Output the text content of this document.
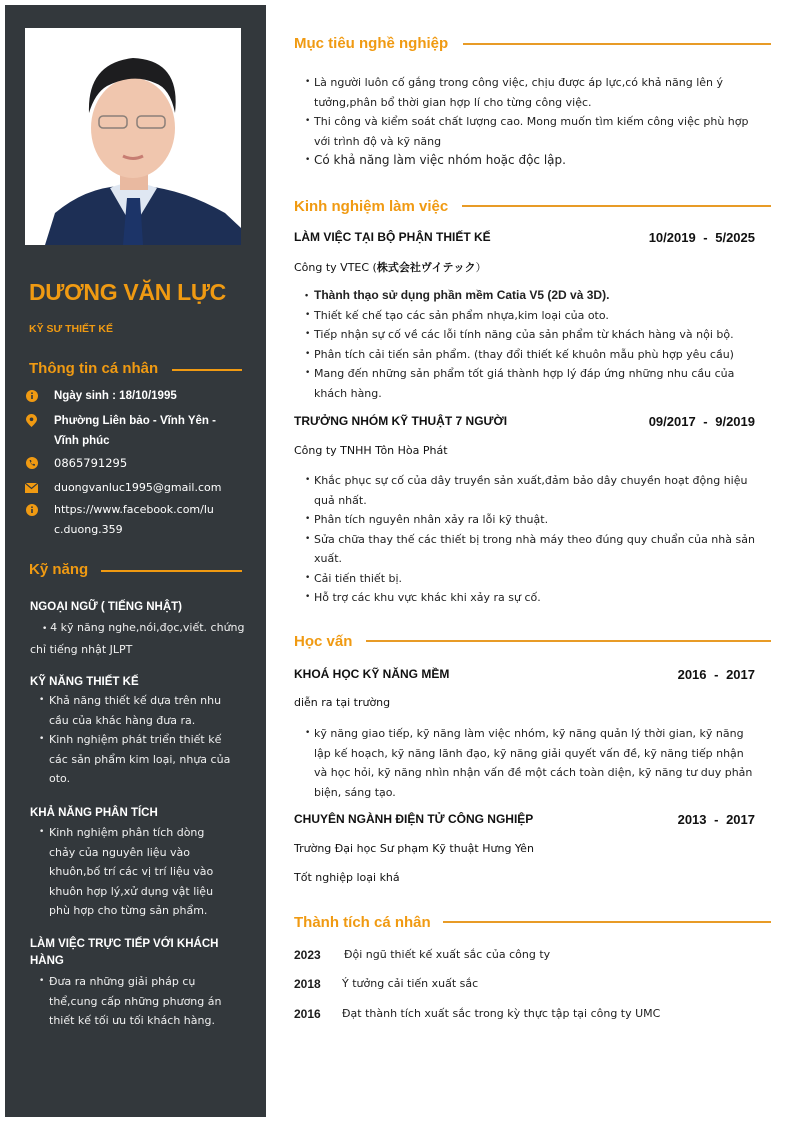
DƯƠNG VĂN LỰC
KỸ SƯ THIẾT KẾ
Thông tin cá nhân
Ngày sinh : 18/10/1995
Phường Liên bảo - Vĩnh Yên - Vĩnh phúc
0865791295
duongvanluc1995@gmail.com
https://www.facebook.com/luc.duong.359
Kỹ năng
NGOẠI NGỮ ( TIẾNG NHẬT)
• 4 kỹ năng nghe,nói,đọc,viết. chứng chỉ tiếng nhật JLPT
KỸ NĂNG THIẾT KẾ
• Khả năng thiết kế dựa trên nhu cầu của khác hàng đưa ra.
• Kinh nghiệm phát triển thiết kế các sản phẩm kim loại, nhựa của oto.
KHẢ NĂNG PHÂN TÍCH
• Kinh nghiệm phân tích dòng chảy của nguyên liệu vào khuôn,bố trí các vị trí liệu vào khuôn hợp lý,xử dụng vật liệu phù hợp cho từng sản phẩm.
LÀM VIỆC TRỰC TIẾP VỚI KHÁCH HÀNG
• Đưa ra những giải pháp cụ thể,cung cấp những phương án thiết kế tối ưu tối khách hàng.
Mục tiêu nghề nghiệp
• Là người luôn cố gắng trong công việc, chịu được áp lực,có khả năng lên ý tưởng,phân bổ thời gian hợp lí cho từng công việc.
• Thi công và kiểm soát chất lượng cao. Mong muốn tìm kiếm công việc phù hợp với trình độ và kỹ năng
• Có khả năng làm việc nhóm hoặc độc lập.
Kinh nghiệm làm việc
LÀM VIỆC TẠI BỘ PHẬN THIẾT KẾ	10/2019 - 5/2025
Công ty VTEC (株式会社ヴイテック）
• Thành thạo sử dụng phần mềm Catia V5 (2D và 3D).
• Thiết kế chế tạo các sản phẩm nhựa,kim loại của oto.
• Tiếp nhận sự cố về các lỗi tính năng của sản phẩm từ khách hàng và nội bộ.
• Phân tích cải tiến sản phẩm. (thay đổi thiết kế khuôn mẫu phù hợp yêu cầu)
• Mang đến những sản phẩm tốt giá thành hợp lý đáp ứng những nhu cầu của khách hàng.
TRƯỞNG NHÓM KỸ THUẬT 7 NGƯỜI	09/2017 - 9/2019
Công ty TNHH Tôn Hòa Phát
• Khắc phục sự cố của dây truyền sản xuất,đảm bảo dây chuyền hoạt động hiệu quả nhất.
• Phân tích nguyên nhân xảy ra lỗi kỹ thuật.
• Sửa chữa thay thế các thiết bị trong nhà máy theo đúng quy chuẩn của nhà sản xuất.
• Cải tiến thiết bị.
• Hỗ trợ các khu vực khác khi xảy ra sự cố.
Học vấn
KHOÁ HỌC KỸ NĂNG MỀM	2016 - 2017
diễn ra tại trường
• kỹ năng giao tiếp, kỹ năng làm việc nhóm, kỹ năng quản lý thời gian, kỹ năng lập kế hoạch, kỹ năng lãnh đạo, kỹ năng giải quyết vấn đề, kỹ năng tiếp nhận và học hỏi, kỹ năng nhìn nhận vấn đề một cách toàn diện, kỹ năng tư duy phản biện, sáng tạo.
CHUYÊN NGÀNH ĐIỆN TỬ CÔNG NGHIỆP	2013 - 2017
Trường Đại học Sư phạm Kỹ thuật Hưng Yên
Tốt nghiệp loại khá
Thành tích cá nhân
2023	Đội ngũ thiết kế xuất sắc của công ty
2018	Ý tưởng cải tiến xuất sắc
2016	Đạt thành tích xuất sắc trong kỳ thực tập tại công ty UMC
